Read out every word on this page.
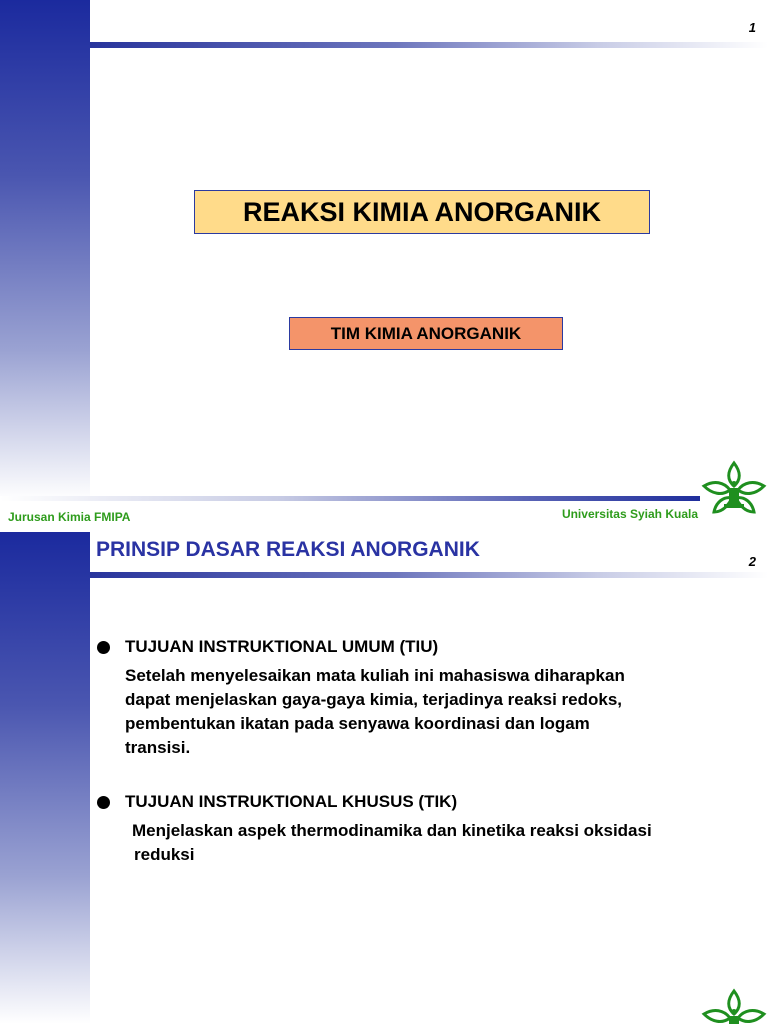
1
REAKSI KIMIA ANORGANIK
TIM KIMIA ANORGANIK
Jurusan Kimia FMIPA	Universitas Syiah Kuala
PRINSIP DASAR REAKSI ANORGANIK
2
TUJUAN INSTRUKTIONAL UMUM (TIU)
Setelah menyelesaikan mata kuliah ini mahasiswa diharapkan
dapat menjelaskan gaya-gaya kimia, terjadinya reaksi redoks,
pembentukan ikatan pada senyawa koordinasi dan logam
transisi.
TUJUAN INSTRUKTIONAL KHUSUS (TIK)
Menjelaskan aspek thermodinamika dan kinetika reaksi oksidasi
reduksi
